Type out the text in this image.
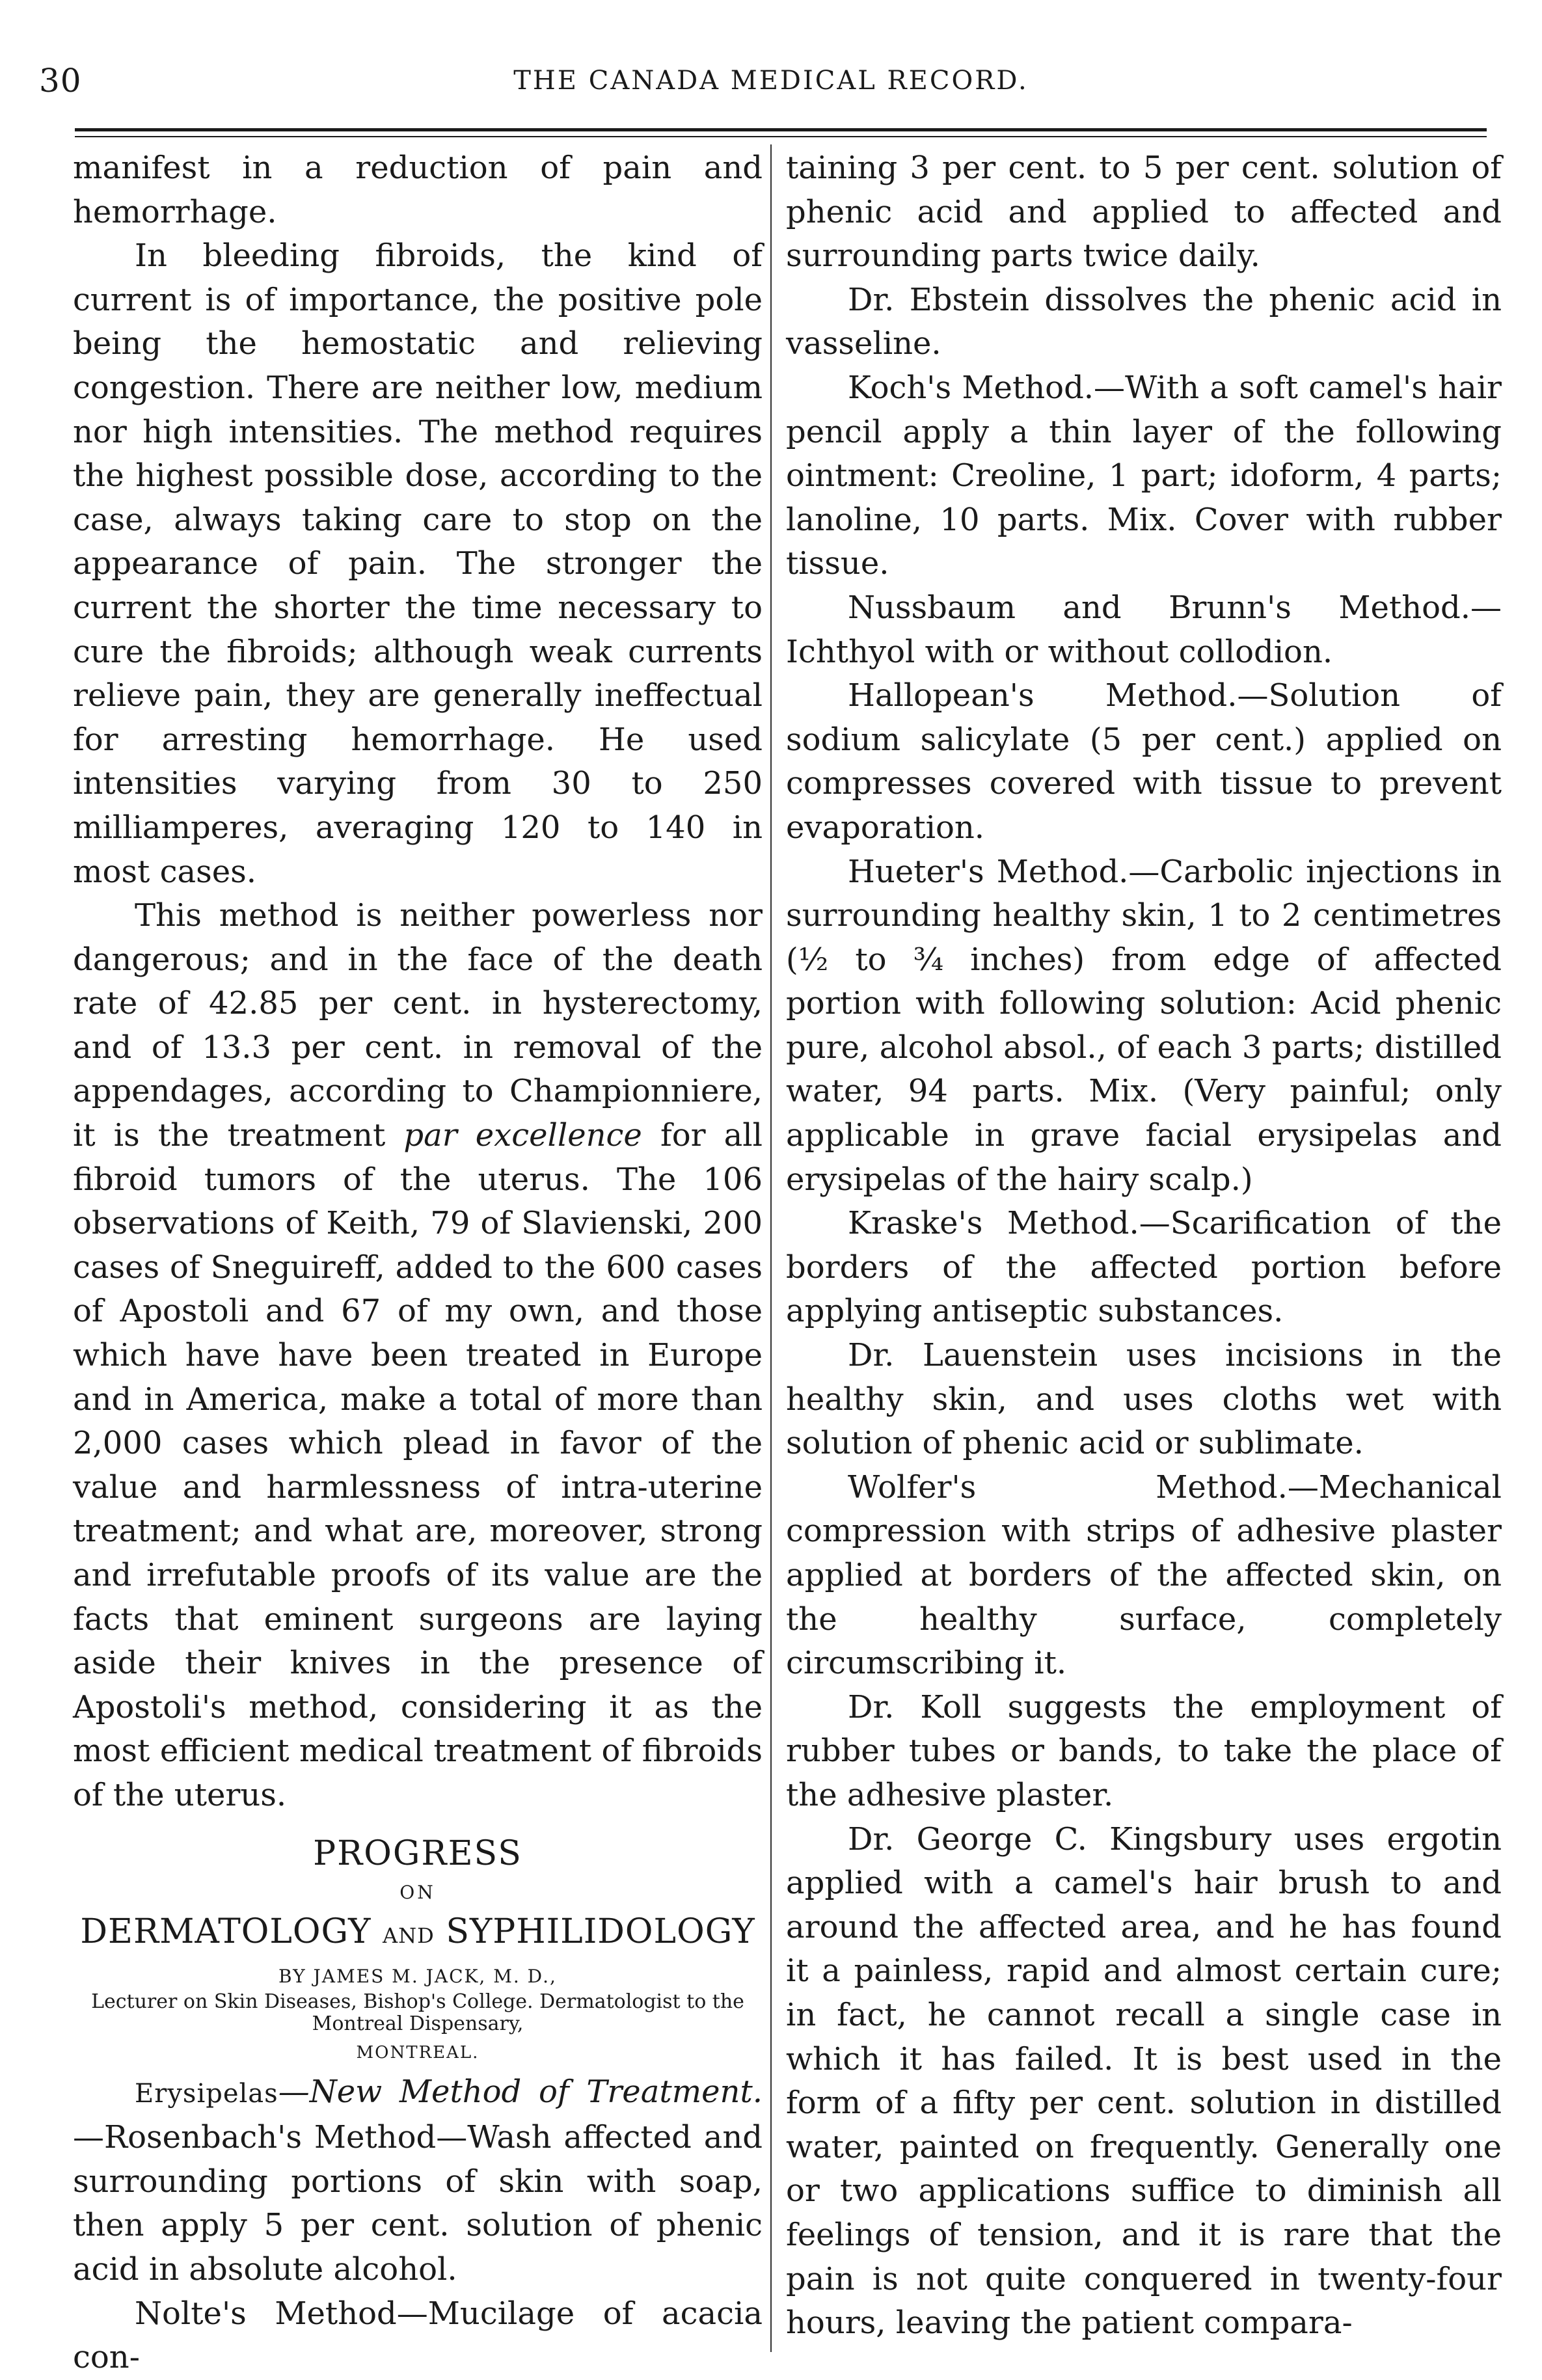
30	THE CANADA MEDICAL RECORD.

manifest in a reduction of pain and hemorrhage.

In bleeding fibroids, the kind of current is of importance, the positive pole being the hemostatic and relieving congestion. There are neither low, medium nor high intensities. The method requires the highest possible dose, according to the case, always taking care to stop on the appearance of pain. The stronger the current the shorter the time necessary to cure the fibroids; although weak currents relieve pain, they are generally ineffectual for arresting hemorrhage. He used intensities varying from 30 to 250 milliamperes, averaging 120 to 140 in most cases.

This method is neither powerless nor dangerous; and in the face of the death rate of 42.85 per cent. in hysterectomy, and of 13.3 per cent. in removal of the appendages, according to Championniere, it is the treatment par excellence for all fibroid tumors of the uterus. The 106 observations of Keith, 79 of Slavienski, 200 cases of Sneguireff, added to the 600 cases of Apostoli and 67 of my own, and those which have have been treated in Europe and in America, make a total of more than 2,000 cases which plead in favor of the value and harmlessness of intra-uterine treatment; and what are, moreover, strong and irrefutable proofs of its value are the facts that eminent surgeons are laying aside their knives in the presence of Apostoli's method, considering it as the most efficient medical treatment of fibroids of the uterus.

PROGRESS
ON
DERMATOLOGY AND SYPHILIDOLOGY
BY JAMES M. JACK, M. D.,
Lecturer on Skin Diseases, Bishop's College. Dermatologist to the Montreal Dispensary,
MONTREAL.

Erysipelas—New Method of Treatment. —Rosenbach's Method—Wash affected and surrounding portions of skin with soap, then apply 5 per cent. solution of phenic acid in absolute alcohol.

Nolte's Method—Mucilage of acacia con-

taining 3 per cent. to 5 per cent. solution of phenic acid and applied to affected and surrounding parts twice daily.

Dr. Ebstein dissolves the phenic acid in vasseline.

Koch's Method.—With a soft camel's hair pencil apply a thin layer of the following ointment: Creoline, 1 part; idoform, 4 parts; lanoline, 10 parts. Mix. Cover with rubber tissue.

Nussbaum and Brunn's Method.—Ichthyol with or without collodion.

Hallopean's Method.—Solution of sodium salicylate (5 per cent.) applied on compresses covered with tissue to prevent evaporation.

Hueter's Method.—Carbolic injections in surrounding healthy skin, 1 to 2 centimetres (½ to ¾ inches) from edge of affected portion with following solution: Acid phenic pure, alcohol absol., of each 3 parts; distilled water, 94 parts. Mix. (Very painful; only applicable in grave facial erysipelas and erysipelas of the hairy scalp.)

Kraske's Method.—Scarification of the borders of the affected portion before applying antiseptic substances.

Dr. Lauenstein uses incisions in the healthy skin, and uses cloths wet with solution of phenic acid or sublimate.

Wolfer's Method.—Mechanical compression with strips of adhesive plaster applied at borders of the affected skin, on the healthy surface, completely circumscribing it.

Dr. Koll suggests the employment of rubber tubes or bands, to take the place of the adhesive plaster.

Dr. George C. Kingsbury uses ergotin applied with a camel's hair brush to and around the affected area, and he has found it a painless, rapid and almost certain cure; in fact, he cannot recall a single case in which it has failed. It is best used in the form of a fifty per cent. solution in distilled water, painted on frequently. Generally one or two applications suffice to diminish all feelings of tension, and it is rare that the pain is not quite conquered in twenty-four hours, leaving the patient compara-
